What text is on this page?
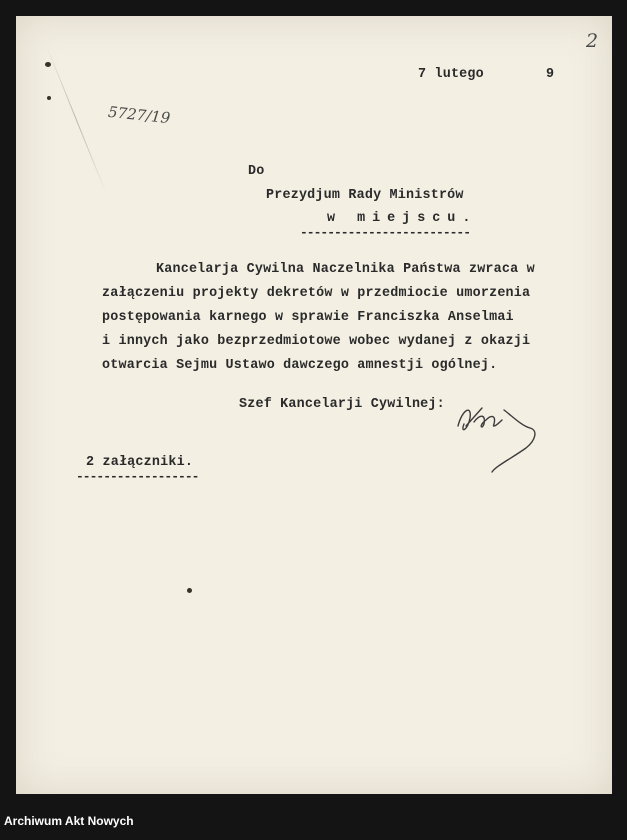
2
5727/19
7 lutego	9
Do
Prezydjum Rady Ministrów
w miejscu.
-------------------------
Kancelarja Cywilna Naczelnika Państwa zwraca w
załączeniu projekty dekretów w przedmiocie umorzenia
postępowania karnego w sprawie Franciszka Anselmai
i innych jako bezprzedmiotowe wobec wydanej z okazji
otwarcia Sejmu Ustawo dawczego amnestji ogólnej.
Szef Kancelarji Cywilnej:
2 załączniki.
------------------
Archiwum Akt Nowych
